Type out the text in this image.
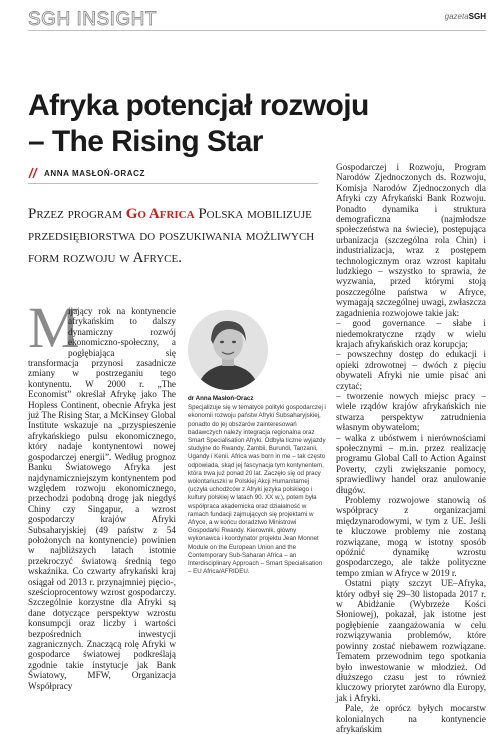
SGH INSIGHT	gazetaSGH
Afryka potencjał rozwoju
– The Rising Star
ANNA MASŁOŃ-ORACZ

Przez program Go Africa Polska mobilizuje przedsiębiorstwa do poszukiwania możliwych form rozwoju w Afryce.

M

ijający rok na kontynencie afrykańskim to dalszy dynamiczny rozwój ekonomiczno-społeczny, a pogłębiająca się transformacja przynosi zasadnicze zmiany w postrzeganiu tego kontynentu. W 2000 r. „The Economist” określał Afrykę jako The Hopless Continent, obecnie Afryka jest już The Rising Star, a McKinsey Global Institute wskazuje na „przyspieszenie afrykańskiego pulsu ekonomicznego, który nadaje kontynentowi nowej gospodarczej energii”. Według prognoz Banku Światowego Afryka jest najdynamiczniejszym kontynentem pod względem rozwoju ekonomicznego, przechodzi podobną drogę jak niegdyś Chiny czy Singapur, a wzrost gospodarczy krajów Afryki Subsaharyjskiej (49 państw z 54 położonych na kontynencie) powinien w najbliższych latach istotnie przekroczyć światową średnią tego wskaźnika. Co czwarty afrykański kraj osiągał od 2013 r. przynajmniej pięcio-, sześcioprocentowy wzrost gospodarczy. Szczególnie korzystne dla Afryki są dane dotyczące perspektyw wzrostu konsumpcji oraz liczby i wartości bezpośrednich inwestycji zagranicznych. Znaczącą rolę Afryki w gospodarce światowej podkreślają zgodnie takie instytucje jak Bank Światowy, MFW, Organizacja Współpracy

dr Anna Masłoń-Oracz
Specjalizuje się w tematyce polityki gospodarczej i ekonomii rozwoju państw Afryki Subsaharyjskiej, ponadto do jej obszarów zainteresowań badawczych należy integracja regionalna oraz Smart Specialisation Afryki. Odbyła liczne wyjazdy studyjne do Rwandy, Zambii, Burundi, Tanzanii, Ugandy i Kenii. Africa was born in me – tak często odpowiada, skąd jej fascynacja tym kontynentem, która trwa już ponad 20 lat. Zaczęło się od pracy wolontariuszki w Polskiej Akcji Humanitarnej (uczyła uchodźców z Afryki języka polskiego i kultury polskiej w latach 90. XX w.), potem była współpraca akademicka oraz działalność w ramach fundacji zajmujących się projektami w Afryce, a w końcu doradztwo Ministrowi Gospodarki Rwandy. Kierownik, główny wykonawca i koordynator projektu Jean Monnet Module on the European Union and the Contemporary Sub-Saharan Africa – an Interdisciplinary Approach – Smart Specialisation – EU Africa/AFRIDEU.

Gospodarczej i Rozwoju, Program Narodów Zjednoczonych ds. Rozwoju, Komisja Narodów Zjednoczonych dla Afryki czy Afrykański Bank Rozwoju. Ponadto dynamika i struktura demograficzna (najmłodsze społeczeństwa na świecie), postępująca urbanizacja (szczególna rola Chin) i industrializacja, wraz z postępem technologicznym oraz wzrost kapitału ludzkiego – wszystko to sprawia, że wyzwania, przed którymi stoją poszczególne państwa w Afryce, wymagają szczególnej uwagi, zwłaszcza zagadnienia rozwojowe takie jak:

– good governance – słabe i niedemokratyczne rządy w wielu krajach afrykańskich oraz korupcja;
– powszechny dostęp do edukacji i opieki zdrowotnej – dwóch z pięciu obywateli Afryki nie umie pisać ani czytać;
– tworzenie nowych miejsc pracy – wiele rządów krajów afrykańskich nie stwarza perspektyw zatrudnienia własnym obywatelom;
– walka z ubóstwem i nierównościami społecznymi – m.in. przez realizację programu Global Call to Action Against Poverty, czyli zwiększanie pomocy, sprawiedliwy handel oraz anulowanie długów.

Problemy rozwojowe stanowią oś współpracy z organizacjami międzynarodowymi, w tym z UE. Jeśli te kluczowe problemy nie zostaną rozwiązane, mogą w istotny sposób opóźnić dynamikę wzrostu gospodarczego, ale także polityczne tempo zmian w Afryce w 2019 r.

Ostatni piąty szczyt UE–Afryka, który odbył się 29–30 listopada 2017 r. w Abidżanie (Wybrzeże Kości Słoniowej), pokazał, jak istotne jest pogłębienie zaangażowania w celu rozwiązywania problemów, które powinny zostać niebawem rozwiązane. Tematem przewodnim tego spotkania było inwestowanie w młodzież. Od dłuższego czasu jest to również kluczowy priorytet zarówno dla Europy, jak i Afryki.

Pale, że oprócz byłych mocarstw kolonialnych na kontynencie afrykańskim
